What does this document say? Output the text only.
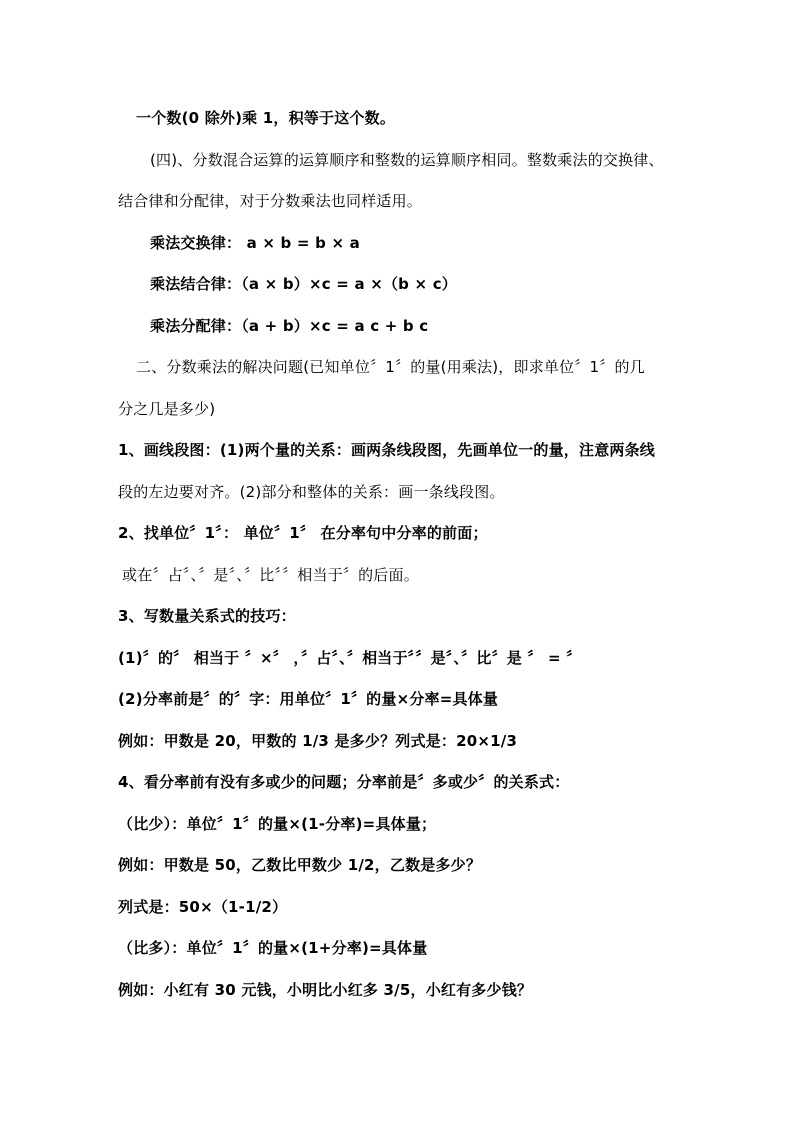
一个数(0 除外)乘 1，积等于这个数。
(四)、分数混合运算的运算顺序和整数的运算顺序相同。整数乘法的交换律、
结合律和分配律，对于分数乘法也同样适用。
乘法交换律： a × b = b × a
乘法结合律：（a × b）×c = a ×（b × c）
乘法分配律：（a + b）×c = a c + b c
二、分数乘法的解决问题(已知单位〞1〞的量(用乘法)，即求单位〞1〞的几
分之几是多少)
1、画线段图：(1)两个量的关系：画两条线段图，先画单位一的量，注意两条线
段的左边要对齐。(2)部分和整体的关系：画一条线段图。
2、找单位〞1〞： 单位〞1〞 在分率句中分率的前面；
或在〞占〞、〞是〞、〞比〞〞相当于〞的后面。
3、写数量关系式的技巧：
(1)〞的〞 相当于 〞×〞 ，〞占〞、〞相当于〞〞是〞、〞比〞是 〞 = 〞
(2)分率前是〞的〞字：用单位〞1〞的量×分率=具体量
例如：甲数是 20，甲数的 1/3 是多少？列式是：20×1/3
4、看分率前有没有多或少的问题；分率前是〞多或少〞的关系式：
（比少）：单位〞1〞的量×(1-分率)=具体量；
例如：甲数是 50，乙数比甲数少 1/2，乙数是多少？
列式是：50×（1-1/2）
（比多）：单位〞1〞的量×(1+分率)=具体量
例如：小红有 30 元钱，小明比小红多 3/5，小红有多少钱？
